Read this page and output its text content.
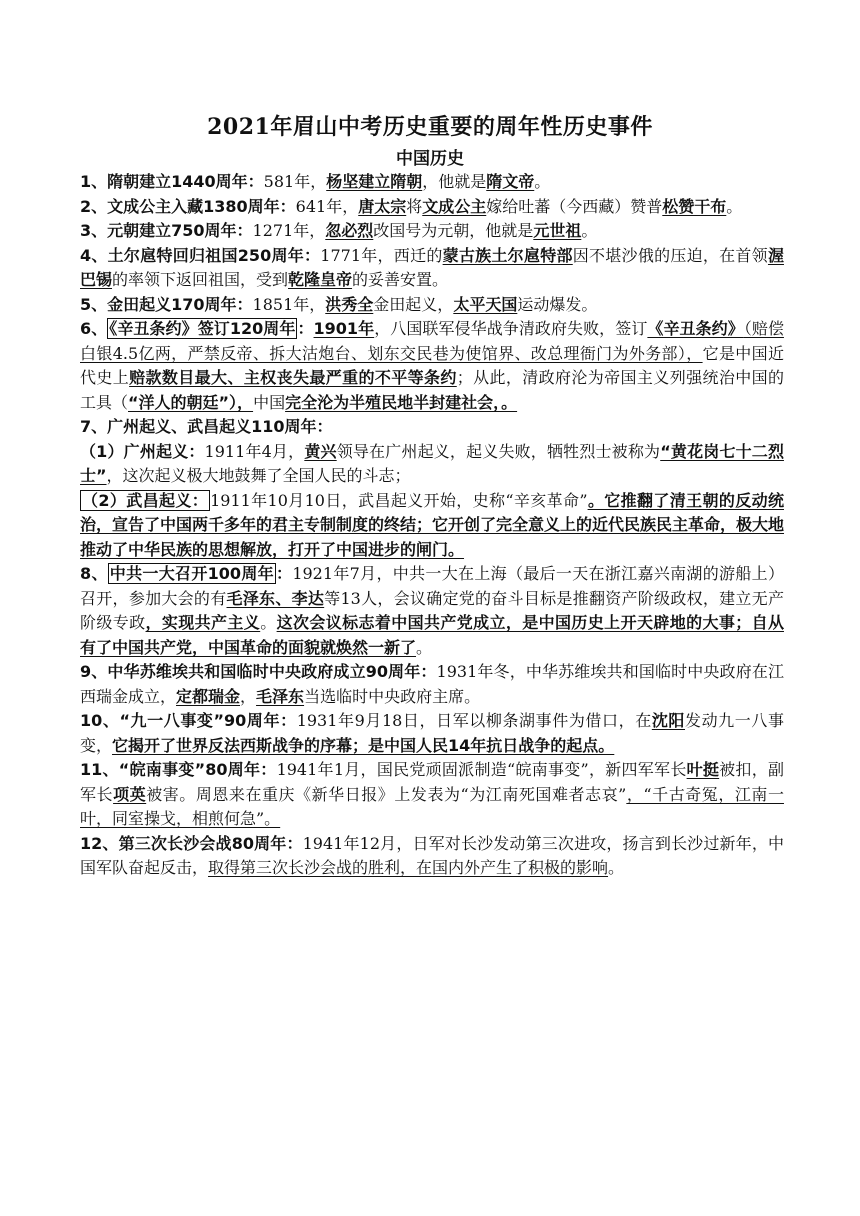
2021年眉山中考历史重要的周年性历史事件
中国历史

1、隋朝建立1440周年：581年，杨坚建立隋朝，他就是隋文帝。

2、文成公主入藏1380周年：641年，唐太宗将文成公主嫁给吐蕃（今西藏）赞普松赞干布。

3、元朝建立750周年：1271年，忽必烈改国号为元朝，他就是元世祖。

4、土尔扈特回归祖国250周年：1771年，西迁的蒙古族土尔扈特部因不堪沙俄的压迫，在首领渥巴锡的率领下返回祖国，受到乾隆皇帝的妥善安置。

5、金田起义170周年：1851年，洪秀全金田起义，太平天国运动爆发。

6、 《辛丑条约》签订120周年 ：1901年，八国联军侵华战争清政府失败，签订《辛丑条约》（赔偿白银4.5亿两，严禁反帝、拆大沽炮台、划东交民巷为使馆界、改总理衙门为外务部），它是中国近代史上赔款数目最大、主权丧失最严重的不平等条约；从此，清政府沦为帝国主义列强统治中国的工具（“洋人的朝廷”），中国完全沦为半殖民地半封建社会，。

7、广州起义、武昌起义110周年：

（1）广州起义：1911年4月，黄兴领导在广州起义，起义失败，牺牲烈士被称为“黄花岗七十二烈士”，这次起义极大地鼓舞了全国人民的斗志；

（2）武昌起义： 1911年10月10日，武昌起义开始，史称“辛亥革命”。它推翻了清王朝的反动统治，宣告了中国两千多年的君主专制制度的终结；它开创了完全意义上的近代民族民主革命，极大地推动了中华民族的思想解放，打开了中国进步的闸门。

8、 中共一大召开100周年 ：1921年7月，中共一大在上海（最后一天在浙江嘉兴南湖的游船上）召开，参加大会的有毛泽东、李达等13人，会议确定党的奋斗目标是推翻资产阶级政权，建立无产阶级专政，实现共产主义。这次会议标志着中国共产党成立，是中国历史上开天辟地的大事；自从有了中国共产党，中国革命的面貌就焕然一新了。

9、中华苏维埃共和国临时中央政府成立90周年：1931年冬，中华苏维埃共和国临时中央政府在江西瑞金成立，定都瑞金，毛泽东当选临时中央政府主席。

10、“九一八事变”90周年：1931年9月18日，日军以柳条湖事件为借口，在沈阳发动九一八事变，它揭开了世界反法西斯战争的序幕；是中国人民14年抗日战争的起点。

11、“皖南事变”80周年：1941年1月，国民党顽固派制造“皖南事变”，新四军军长叶挺被扣，副军长项英被害。周恩来在重庆《新华日报》上发表为“为江南死国难者志哀”，“千古奇冤，江南一叶，同室操戈，相煎何急”。

12、第三次长沙会战80周年：1941年12月，日军对长沙发动第三次进攻，扬言到长沙过新年，中国军队奋起反击，取得第三次长沙会战的胜利，在国内外产生了积极的影响。
